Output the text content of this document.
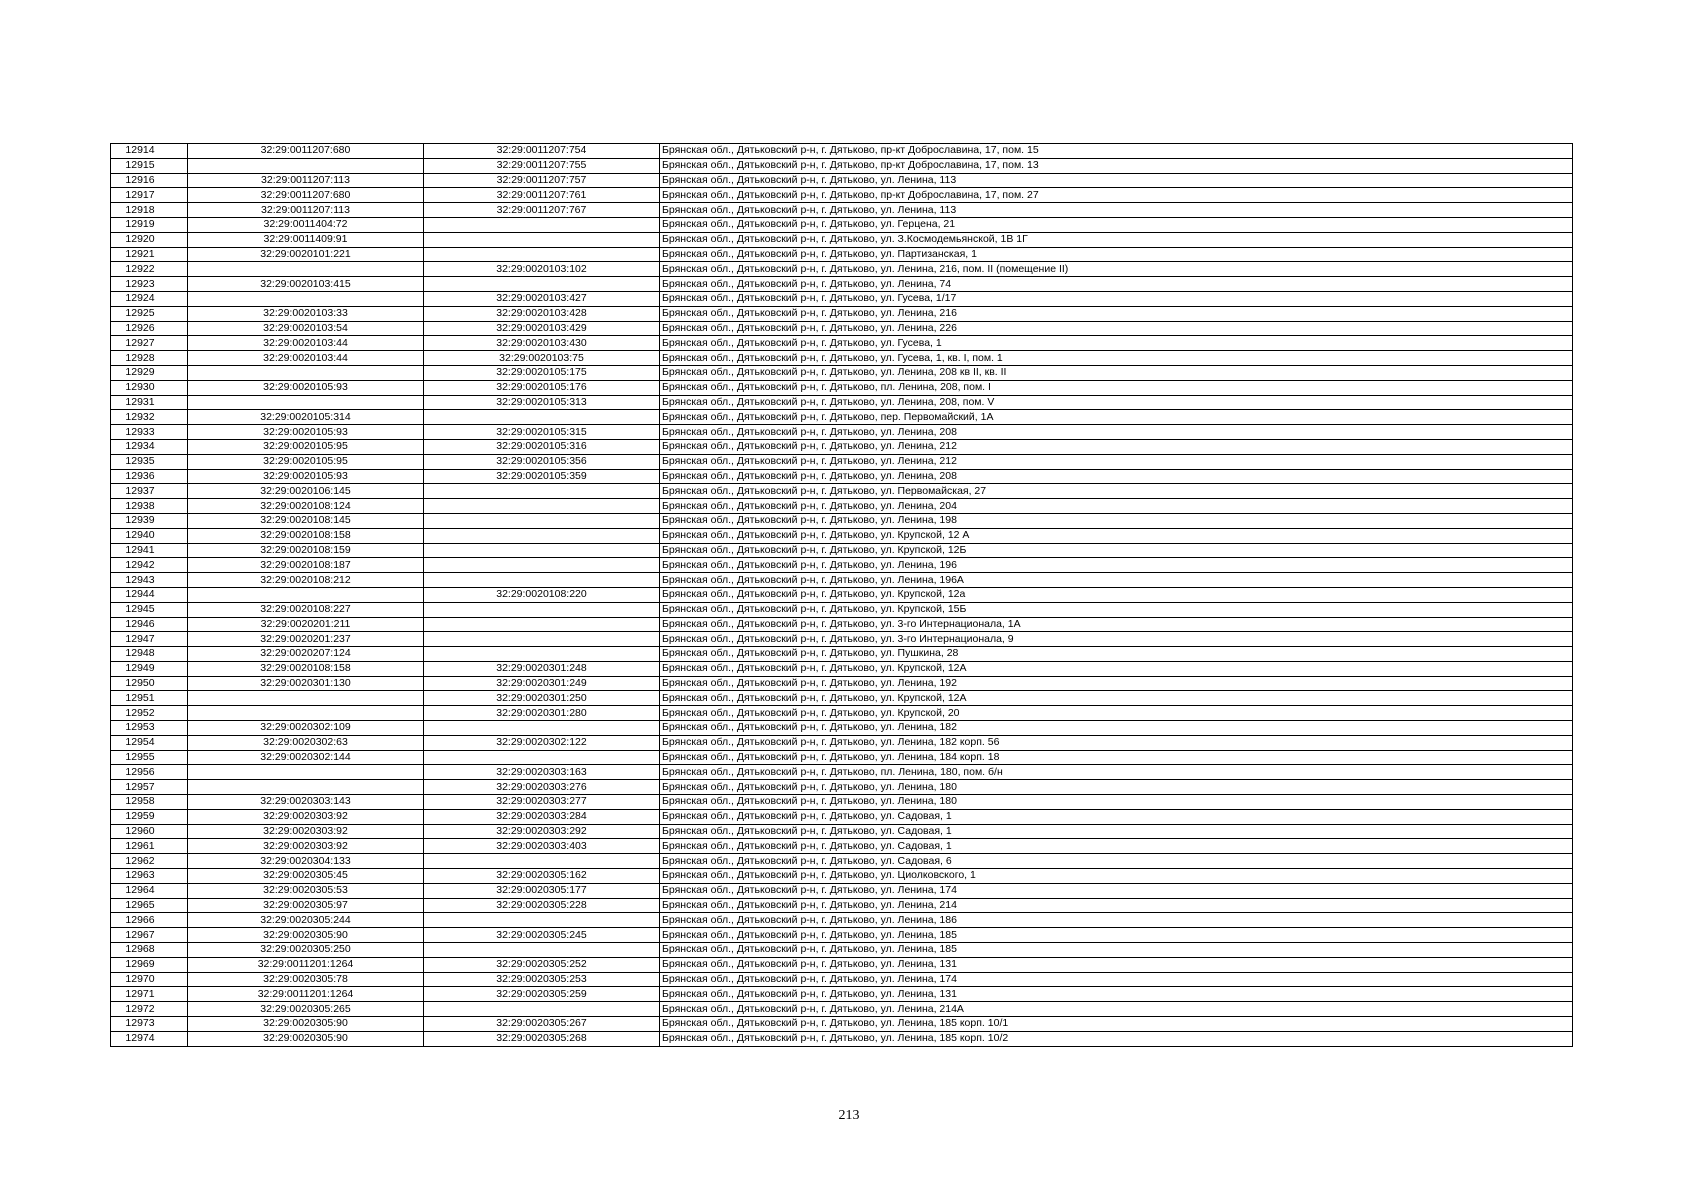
12914	32:29:0011207:680	32:29:0011207:754	Брянская обл., Дятьковский р-н, г. Дятьково, пр-кт Доброславина, 17, пом. 15
12915		32:29:0011207:755	Брянская обл., Дятьковский р-н, г. Дятьково, пр-кт Доброславина, 17, пом. 13
12916	32:29:0011207:113	32:29:0011207:757	Брянская обл., Дятьковский р-н, г. Дятьково, ул. Ленина, 113
12917	32:29:0011207:680	32:29:0011207:761	Брянская обл., Дятьковский р-н, г. Дятьково, пр-кт Доброславина, 17, пом. 27
12918	32:29:0011207:113	32:29:0011207:767	Брянская обл., Дятьковский р-н, г. Дятьково, ул. Ленина, 113
12919	32:29:0011404:72		Брянская обл., Дятьковский р-н, г. Дятьково, ул. Герцена, 21
12920	32:29:0011409:91		Брянская обл., Дятьковский р-н, г. Дятьково, ул. З.Космодемьянской, 1В 1Г
12921	32:29:0020101:221		Брянская обл., Дятьковский р-н, г. Дятьково, ул. Партизанская, 1
12922		32:29:0020103:102	Брянская обл., Дятьковский р-н, г. Дятьково, ул. Ленина, 216, пом. II (помещение II)
12923	32:29:0020103:415		Брянская обл., Дятьковский р-н, г. Дятьково, ул. Ленина, 74
12924		32:29:0020103:427	Брянская обл., Дятьковский р-н, г. Дятьково, ул. Гусева, 1/17
12925	32:29:0020103:33	32:29:0020103:428	Брянская обл., Дятьковский р-н, г. Дятьково, ул. Ленина, 216
12926	32:29:0020103:54	32:29:0020103:429	Брянская обл., Дятьковский р-н, г. Дятьково, ул. Ленина, 226
12927	32:29:0020103:44	32:29:0020103:430	Брянская обл., Дятьковский р-н, г. Дятьково, ул. Гусева, 1
12928	32:29:0020103:44	32:29:0020103:75	Брянская обл., Дятьковский р-н, г. Дятьково, ул. Гусева, 1, кв. I, пом. 1
12929		32:29:0020105:175	Брянская обл., Дятьковский р-н, г. Дятьково, ул. Ленина, 208 кв II, кв. II
12930	32:29:0020105:93	32:29:0020105:176	Брянская обл., Дятьковский р-н, г. Дятьково, пл. Ленина, 208, пом. I
12931		32:29:0020105:313	Брянская обл., Дятьковский р-н, г. Дятьково, ул. Ленина, 208, пом. V
12932	32:29:0020105:314		Брянская обл., Дятьковский р-н, г. Дятьково, пер. Первомайский, 1А
12933	32:29:0020105:93	32:29:0020105:315	Брянская обл., Дятьковский р-н, г. Дятьково, ул. Ленина, 208
12934	32:29:0020105:95	32:29:0020105:316	Брянская обл., Дятьковский р-н, г. Дятьково, ул. Ленина, 212
12935	32:29:0020105:95	32:29:0020105:356	Брянская обл., Дятьковский р-н, г. Дятьково, ул. Ленина, 212
12936	32:29:0020105:93	32:29:0020105:359	Брянская обл., Дятьковский р-н, г. Дятьково, ул. Ленина, 208
12937	32:29:0020106:145		Брянская обл., Дятьковский р-н, г. Дятьково, ул. Первомайская, 27
12938	32:29:0020108:124		Брянская обл., Дятьковский р-н, г. Дятьково, ул. Ленина, 204
12939	32:29:0020108:145		Брянская обл., Дятьковский р-н, г. Дятьково, ул. Ленина, 198
12940	32:29:0020108:158		Брянская обл., Дятьковский р-н, г. Дятьково, ул. Крупской, 12 А
12941	32:29:0020108:159		Брянская обл., Дятьковский р-н, г. Дятьково, ул. Крупской, 12Б
12942	32:29:0020108:187		Брянская обл., Дятьковский р-н, г. Дятьково, ул. Ленина, 196
12943	32:29:0020108:212		Брянская обл., Дятьковский р-н, г. Дятьково, ул. Ленина, 196А
12944		32:29:0020108:220	Брянская обл., Дятьковский р-н, г. Дятьково, ул. Крупской, 12а
12945	32:29:0020108:227		Брянская обл., Дятьковский р-н, г. Дятьково, ул. Крупской, 15Б
12946	32:29:0020201:211		Брянская обл., Дятьковский р-н, г. Дятьково, ул. 3-го Интернационала, 1А
12947	32:29:0020201:237		Брянская обл., Дятьковский р-н, г. Дятьково, ул. 3-го Интернационала, 9
12948	32:29:0020207:124		Брянская обл., Дятьковский р-н, г. Дятьково, ул. Пушкина, 28
12949	32:29:0020108:158	32:29:0020301:248	Брянская обл., Дятьковский р-н, г. Дятьково, ул. Крупской, 12А
12950	32:29:0020301:130	32:29:0020301:249	Брянская обл., Дятьковский р-н, г. Дятьково, ул. Ленина, 192
12951		32:29:0020301:250	Брянская обл., Дятьковский р-н, г. Дятьково, ул. Крупской, 12А
12952		32:29:0020301:280	Брянская обл., Дятьковский р-н, г. Дятьково, ул. Крупской, 20
12953	32:29:0020302:109		Брянская обл., Дятьковский р-н, г. Дятьково, ул. Ленина, 182
12954	32:29:0020302:63	32:29:0020302:122	Брянская обл., Дятьковский р-н, г. Дятьково, ул. Ленина, 182 корп. 56
12955	32:29:0020302:144		Брянская обл., Дятьковский р-н, г. Дятьково, ул. Ленина, 184 корп. 18
12956		32:29:0020303:163	Брянская обл., Дятьковский р-н, г. Дятьково, пл. Ленина, 180, пом. б/н
12957		32:29:0020303:276	Брянская обл., Дятьковский р-н, г. Дятьково, ул. Ленина, 180
12958	32:29:0020303:143	32:29:0020303:277	Брянская обл., Дятьковский р-н, г. Дятьково, ул. Ленина, 180
12959	32:29:0020303:92	32:29:0020303:284	Брянская обл., Дятьковский р-н, г. Дятьково, ул. Садовая, 1
12960	32:29:0020303:92	32:29:0020303:292	Брянская обл., Дятьковский р-н, г. Дятьково, ул. Садовая, 1
12961	32:29:0020303:92	32:29:0020303:403	Брянская обл., Дятьковский р-н, г. Дятьково, ул. Садовая, 1
12962	32:29:0020304:133		Брянская обл., Дятьковский р-н, г. Дятьково, ул. Садовая, 6
12963	32:29:0020305:45	32:29:0020305:162	Брянская обл., Дятьковский р-н, г. Дятьково, ул. Циолковского, 1
12964	32:29:0020305:53	32:29:0020305:177	Брянская обл., Дятьковский р-н, г. Дятьково, ул. Ленина, 174
12965	32:29:0020305:97	32:29:0020305:228	Брянская обл., Дятьковский р-н, г. Дятьково, ул. Ленина, 214
12966	32:29:0020305:244		Брянская обл., Дятьковский р-н, г. Дятьково, ул. Ленина, 186
12967	32:29:0020305:90	32:29:0020305:245	Брянская обл., Дятьковский р-н, г. Дятьково, ул. Ленина, 185
12968	32:29:0020305:250		Брянская обл., Дятьковский р-н, г. Дятьково, ул. Ленина, 185
12969	32:29:0011201:1264	32:29:0020305:252	Брянская обл., Дятьковский р-н, г. Дятьково, ул. Ленина, 131
12970	32:29:0020305:78	32:29:0020305:253	Брянская обл., Дятьковский р-н, г. Дятьково, ул. Ленина, 174
12971	32:29:0011201:1264	32:29:0020305:259	Брянская обл., Дятьковский р-н, г. Дятьково, ул. Ленина, 131
12972	32:29:0020305:265		Брянская обл., Дятьковский р-н, г. Дятьково, ул. Ленина, 214А
12973	32:29:0020305:90	32:29:0020305:267	Брянская обл., Дятьковский р-н, г. Дятьково, ул. Ленина, 185 корп. 10/1
12974	32:29:0020305:90	32:29:0020305:268	Брянская обл., Дятьковский р-н, г. Дятьково, ул. Ленина, 185 корп. 10/2
213
